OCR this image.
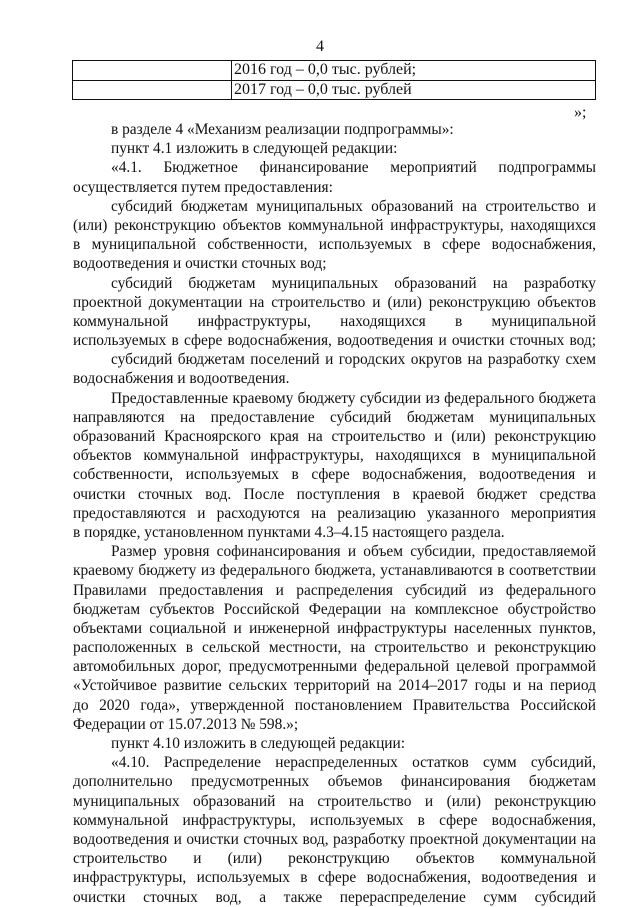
4
	2016 год – 0,0 тыс. рублей;
	2017 год – 0,0 тыс. рублей
»;
в разделе 4 «Механизм реализации подпрограммы»:
пункт 4.1 изложить в следующей редакции:
«4.1. Бюджетное финансирование мероприятий подпрограммы
осуществляется путем предоставления:
субсидий бюджетам муниципальных образований на строительство и
(или) реконструкцию объектов коммунальной инфраструктуры, находящихся
в муниципальной собственности, используемых в сфере водоснабжения,
водоотведения и очистки сточных вод;
субсидий бюджетам муниципальных образований на разработку
проектной документации на строительство и (или) реконструкцию объектов
коммунальной инфраструктуры, находящихся в муниципальной
используемых в сфере водоснабжения, водоотведения и очистки сточных вод;
субсидий бюджетам поселений и городских округов на разработку схем
водоснабжения и водоотведения.
Предоставленные краевому бюджету субсидии из федерального бюджета
направляются на предоставление субсидий бюджетам муниципальных
образований Красноярского края на строительство и (или) реконструкцию
объектов коммунальной инфраструктуры, находящихся в муниципальной
собственности, используемых в сфере водоснабжения, водоотведения и
очистки сточных вод. После поступления в краевой бюджет средства
предоставляются и расходуются на реализацию указанного мероприятия
в порядке, установленном пунктами 4.3–4.15 настоящего раздела.
Размер уровня софинансирования и объем субсидии, предоставляемой
краевому бюджету из федерального бюджета, устанавливаются в соответствии
Правилами предоставления и распределения субсидий из федерального
бюджетам субъектов Российской Федерации на комплексное обустройство
объектами социальной и инженерной инфраструктуры населенных пунктов,
расположенных в сельской местности, на строительство и реконструкцию
автомобильных дорог, предусмотренными федеральной целевой программой
«Устойчивое развитие сельских территорий на 2014–2017 годы и на период
до 2020 года», утвержденной постановлением Правительства Российской
Федерации от 15.07.2013 № 598.»;
пункт 4.10 изложить в следующей редакции:
«4.10. Распределение нераспределенных остатков сумм субсидий,
дополнительно предусмотренных объемов финансирования бюджетам
муниципальных образований на строительство и (или) реконструкцию
коммунальной инфраструктуры, используемых в сфере водоснабжения,
водоотведения и очистки сточных вод, разработку проектной документации на
строительство и (или) реконструкцию объектов коммунальной
инфраструктуры, используемых в сфере водоснабжения, водоотведения и
очистки сточных вод, а также перераспределение сумм субсидий
